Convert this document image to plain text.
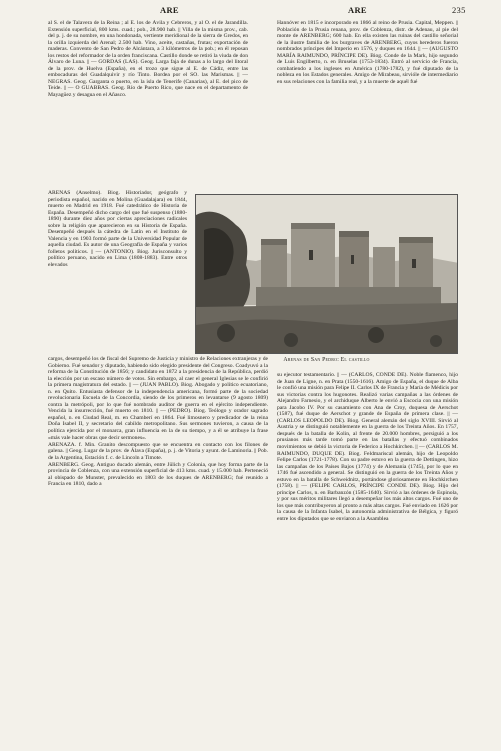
ARE	ARE	235

al S. el de Talavera de la Reina ; al E. los de Ávila y Cebreros, y al O. el de Jarandilla. Extensión superficial, 800 kms. cuad.; pob., 28.900 hab. || Villa de la misma prov., cab. del p. j. de su nombre, en una hondonada, vertiente meridional de la sierra de Gredos, en la orilla izquierda del Arenal; 2.500 hab. Vino, aceite, castañas, frutas; exportación de maderas. Convento de San Pedro de Alcántara, a 3 kilómetros de la pob.; en él reposan los restos del reformador de la orden franciscana. Castillo donde se retiró la viuda de don Álvaro de Luna. || — GORDAS (LAS). Geog. Larga faja de dunas a lo largo del litoral de la prov. de Huelva (España), en el trozo que sigue al E. de Cádiz, entre las embocaduras del Guadalquivir y río Tinto. Bordea por el SO. las Marismas. || — NEGRAS. Geog. Garganta o puerto, en la isla de Tenerife (Canarias), al E. del pico de Teide. || — O GUABBAS. Geog. Río de Puerto Rico, que nace en el departamento de Mayagüez y desagua en el Añasco.

ARENAS (Anselmo). Biog. Historiador, geógrafo y periodista español, nacido en Molina (Guadalajara) en 1844, muerto en Madrid en 1918. Fué catedrático de Historia de España. Desempeñó dicho cargo del que fué suspenso (1880-1890) durante diez años por ciertas apreciaciones radicales sobre la religión que aparecieron en su Historia de España. Desempeñó después la cátedra de Latín en el Instituto de Valencia y en 1903 formó parte de la Universidad Popular de aquella ciudad. Es autor de una Geografía de España y varios folletos políticos. || — (ANTONIO). Biog. Jurisconsulto y político peruano, nacido en Lima (1808-1883). Entre otros elevados

cargos, desempeñó los de fiscal del Supremo de Justicia y ministro de Relaciones extranjeras y de Gobierno. Fué senador y diputado, habiendo sido elegido presidente del Congreso. Coadyuvó a la reforma de la Constitución de 1856; y candidato en 1872 a la presidencia de la República, perdió la elección por un escaso número de votos. Sin embargo, al caer el general Iglesias se le confirió la primera magistratura del estado. || — (JUAN PABLO). Biog. Abogado y político ecuatoriano, n. en Quito. Entusiasta defensor de la independencia americana, formó parte de la sociedad revolucionaria Escuela de la Concordia, siendo de los primeros en levantarse (9 agosto 1809) contra la metrópoli, por lo que fué nombrado auditor de guerra en el ejército independiente. Vencida la insurrección, fué muerto en 1810. || — (PEDRO). Biog. Teólogo y orador sagrado español, n. en Ciudad Real, m. en Chamberí en 1864. Fué limosnero y predicador de la reina Doña Isabel II, y secretario del cabildo metropolitano. Sus sermones tuvieron, a causa de la política ejercida por el monarca, gran influencia en la de su tiempo, y a él se atribuye la frase «más vale hacer obras que decir sermones».

ARENAZA. f. Min. Granito descompuesto que se encuentra en contacto con los filones de galena. || Geog. Lugar de la prov. de Álava (España), p. j. de Vitoria y ayunt. de Laminoria. || Pob. de la Argentina, Estación f. c. de Lincoln a Timote.

ARENBERG. Geog. Antiguo ducado alemán, entre Jülich y Colonia, que hoy forma parte de la provincia de Coblenza, con una extensión superficial de 413 kms. cuad. y 15.000 hab. Perteneció al obispado de Munster, prevalecido en 1803 de los duques de ARENBERG; fué reunido a Francia en 1810, dado a

Hannóver en 1815 e incorporado en 1866 al reino de Prusia. Capital, Meppen. || Población de la Prusia renana, prov. de Coblenza, distr. de Adenau, al pie del monte de ARENBERG; 600 hab. En ella existen las ruinas del castillo señorial de la ilustre familia de los burgraves de ARENBERG, cuyos herederos fueron nombrados príncipes del Imperio en 1576, y duques en 1644. || — (AUGUSTO MARÍA RAIMUNDO, PRÍNCIPE DE). Biog. Conde de la Mark, hijo segundo de Luis Engilberto, n. en Bruselas (1753-1834). Entró al servicio de Francia, combatiendo a los ingleses en América (1780-1782), y fué diputado de la nobleza en los Estados generales. Amigo de Mirabeau, sirvióle de intermediario en sus relaciones con la familia real, y a la muerte de aquél fué

Arenas de San Pedro: El castillo

su ejecutor testamentario. || — (CARLOS, CONDE DE). Noble flamenco, hijo de Juan de Ligne, n. en Prata (1550-1616). Amigo de España, el duque de Alba le confió una misión para Felipe II. Carlos IX de Francia y María de Médicis por sus victorias contra los hugonotes. Realizó varias campañas a las órdenes de Alejandro Farnesio, y el archiduque Alberto le envió a Escocia con una misión para Jacobo IV. Por su casamiento con Ana de Croy, duquesa de Aerschot (1587), fué duque de Aerschot y grande de España de primera clase. || — (CARLOS LEOPOLDO DE). Biog. General alemán del siglo XVIII. Sirvió al Austria y se distinguió notablemente en la guerra de los Treinta Años. En 1757, después de la batalla de Kolin, al frente de 20.000 hombres, persiguió a los prusianos más tarde tomó parte en las batallas y efectuó combinados movimientos se debió la victoria de Federico a Hochkirchen. || — (CARLOS M. RAIMUNDO, DUQUE DE). Biog. Feldmariscal alemán, hijo de Leopoldo Felipe Carlos (1721-1778). Con su padre estuvo en la guerra de Dettingen, hizo las campañas de los Países Bajos (1774) y de Alemania (1745), por lo que en 1746 fué ascendido a general. Se distinguió en la guerra de los Treinta Años y estuvo en la batalla de Schweidnitz, portándose gloriosamente en Hochkirchen (1758). || — (FELIPE CARLOS, PRÍNCIPE CONDE DE). Biog. Hijo del príncipe Carlos, n. en Barbanzón (1585-1640). Sirvió a las órdenes de Espinola, y por sus méritos militares llegó a desempeñar los más altos cargos. Fué uno de los que más contribuyeron al pronto a más altas cargos. Fué enviado en 1626 por la causa de la Infanta Isabel, la autonomía administrativa de Bélgica, y figuró entre los diputados que se enviaron a la Asamblea
